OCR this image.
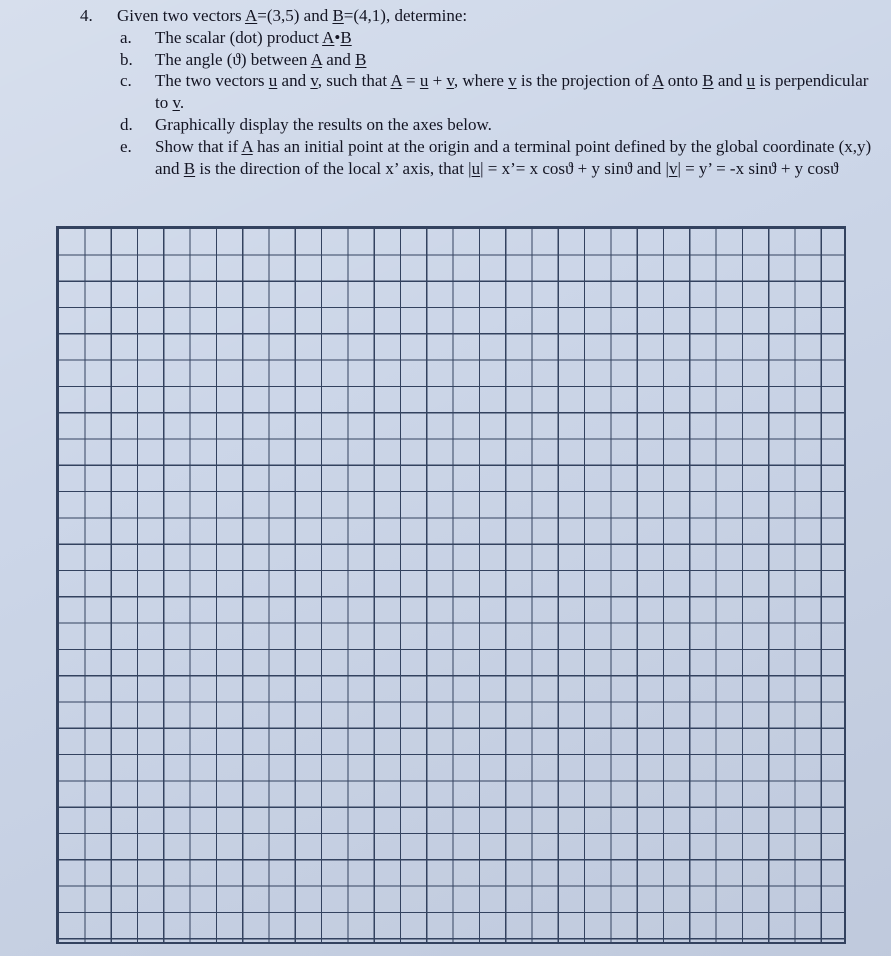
4.	Given two vectors A=(3,5) and B=(4,1), determine:
a.	The scalar (dot) product A•B
b.	The angle (ϑ) between A and B
c.	The two vectors u and v, such that A = u + v, where v is the projection of A onto B and u is perpendicular to v.
d.	Graphically display the results on the axes below.
e.	Show that if A has an initial point at the origin and a terminal point defined by the global coordinate (x,y) and B is the direction of the local x’ axis, that |u| = x’= x cosϑ + y sinϑ and |v| = y’ = -x sinϑ + y cosϑ
